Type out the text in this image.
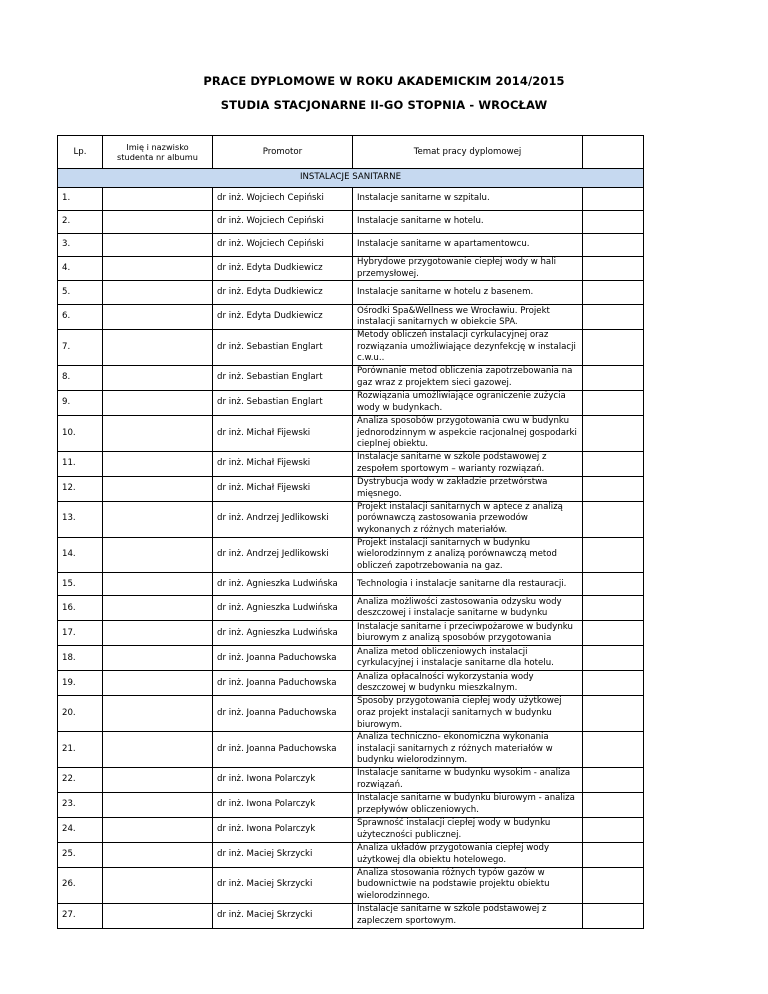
PRACE DYPLOMOWE W ROKU AKADEMICKIM 2014/2015
STUDIA STACJONARNE II-GO STOPNIA - WROCŁAW
Lp.	Imię i nazwisko studenta nr albumu	Promotor	Temat pracy dyplomowej	
INSTALACJE SANITARNE				
1.		dr inż. Wojciech Cepiński	Instalacje sanitarne w szpitalu.	
2.		dr inż. Wojciech Cepiński	Instalacje sanitarne w hotelu.	
3.		dr inż. Wojciech Cepiński	Instalacje sanitarne w apartamentowcu.	
4.		dr inż. Edyta Dudkiewicz	Hybrydowe przygotowanie ciepłej wody w hali przemysłowej.	
5.		dr inż. Edyta Dudkiewicz	Instalacje sanitarne w hotelu z basenem.	
6.		dr inż. Edyta Dudkiewicz	Ośrodki Spa&Wellness we Wrocławiu. Projekt instalacji sanitarnych w obiekcie SPA.	
7.		dr inż. Sebastian Englart	Metody obliczeń instalacji cyrkulacyjnej oraz rozwiązania umożliwiające dezynfekcję w instalacji c.w.u..	
8.		dr inż. Sebastian Englart	Porównanie metod obliczenia zapotrzebowania na gaz wraz z projektem sieci gazowej.	
9.		dr inż. Sebastian Englart	Rozwiązania umożliwiające ograniczenie zużycia wody w budynkach.	
10.		dr inż. Michał Fijewski	Analiza sposobów przygotowania cwu w budynku jednorodzinnym w aspekcie racjonalnej gospodarki cieplnej obiektu.	
11.		dr inż. Michał Fijewski	Instalacje sanitarne w szkole podstawowej z zespołem sportowym – warianty rozwiązań.	
12.		dr inż. Michał Fijewski	Dystrybucja wody w zakładzie przetwórstwa mięsnego.	
13.		dr inż. Andrzej Jedlikowski	Projekt instalacji sanitarnych w aptece z analizą porównawczą zastosowania przewodów wykonanych z różnych materiałów.	
14.		dr inż. Andrzej Jedlikowski	Projekt instalacji sanitarnych w budynku wielorodzinnym z analizą porównawczą metod obliczeń zapotrzebowania na gaz.	
15.		dr inż. Agnieszka Ludwińska	Technologia i instalacje sanitarne dla restauracji.	
16.		dr inż. Agnieszka Ludwińska	Analiza możliwości zastosowania odzysku wody deszczowej i instalacje sanitarne w budynku	
17.		dr inż. Agnieszka Ludwińska	Instalacje sanitarne i przeciwpożarowe w budynku biurowym z analizą sposobów przygotowania	
18.		dr inż. Joanna Paduchowska	Analiza metod obliczeniowych instalacji cyrkulacyjnej i instalacje sanitarne dla hotelu.	
19.		dr inż. Joanna Paduchowska	Analiza opłacalności wykorzystania wody deszczowej w budynku mieszkalnym.	
20.		dr inż. Joanna Paduchowska	Sposoby przygotowania ciepłej wody użytkowej oraz projekt instalacji sanitarnych w budynku biurowym.	
21.		dr inż. Joanna Paduchowska	Analiza techniczno- ekonomiczna wykonania instalacji sanitarnych z różnych materiałów w budynku wielorodzinnym.	
22.		dr inż. Iwona Polarczyk	Instalacje sanitarne w budynku wysokim - analiza rozwiązań.	
23.		dr inż. Iwona Polarczyk	Instalacje sanitarne w budynku biurowym - analiza przepływów obliczeniowych.	
24.		dr inż. Iwona Polarczyk	Sprawność instalacji ciepłej wody w budynku użyteczności publicznej.	
25.		dr inż. Maciej Skrzycki	Analiza układów przygotowania ciepłej wody użytkowej dla obiektu hotelowego.	
26.		dr inż. Maciej Skrzycki	Analiza stosowania różnych typów gazów w budownictwie na podstawie projektu obiektu wielorodzinnego.	
27.		dr inż. Maciej Skrzycki	Instalacje sanitarne w szkole podstawowej z zapleczem sportowym.	
